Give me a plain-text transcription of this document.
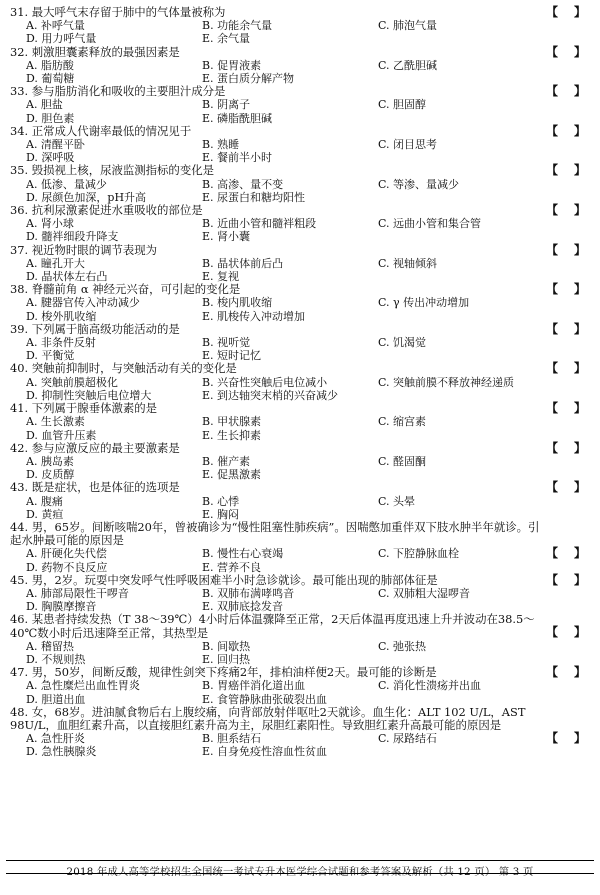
31. 最大呼气末存留于肺中的气体量被称为	【 】
A. 补呼气量	B. 功能余气量	C. 肺泡气量
D. 用力呼气量	E. 余气量
32. 刺激胆囊素释放的最强因素是	【 】
A. 脂肪酸	B. 促胃液素	C. 乙酰胆碱
D. 葡萄糖	E. 蛋白质分解产物
33. 参与脂肪消化和吸收的主要胆汁成分是	【 】
A. 胆盐	B. 阴离子	C. 胆固醇
D. 胆色素	E. 磷脂酰胆碱
34. 正常成人代谢率最低的情况见于	【 】
A. 清醒平卧	B. 熟睡	C. 闭目思考
D. 深呼吸	E. 餐前半小时
35. 毁损视上核，尿液监测指标的变化是	【 】
A. 低渗、量减少	B. 高渗、量不变	C. 等渗、量减少
D. 尿颜色加深，pH升高	E. 尿蛋白和糖均阳性
36. 抗利尿激素促进水重吸收的部位是	【 】
A. 肾小球	B. 近曲小管和髓袢粗段	C. 远曲小管和集合管
D. 髓袢细段升降支	E. 肾小囊
37. 视近物时眼的调节表现为	【 】
A. 瞳孔开大	B. 晶状体前后凸	C. 视轴倾斜
D. 晶状体左右凸	E. 复视
38. 脊髓前角 α 神经元兴奋，可引起的变化是	【 】
A. 腱器官传入冲动减少	B. 梭内肌收缩	C. γ 传出冲动增加
D. 梭外肌收缩	E. 肌梭传入冲动增加
39. 下列属于脑高级功能活动的是	【 】
A. 非条件反射	B. 视听觉	C. 饥渴觉
D. 平衡觉	E. 短时记忆
40. 突触前抑制时，与突触活动有关的变化是	【 】
A. 突触前膜超极化	B. 兴奋性突触后电位减小	C. 突触前膜不释放神经递质
D. 抑制性突触后电位增大	E. 到达轴突末梢的兴奋减少
41. 下列属于腺垂体激素的是	【 】
A. 生长激素	B. 甲状腺素	C. 缩宫素
D. 血管升压素	E. 生长抑素
42. 参与应激反应的最主要激素是	【 】
A. 胰岛素	B. 催产素	C. 醛固酮
D. 皮质醇	E. 促黑激素
43. 既是症状，也是体征的选项是	【 】
A. 腹痛	B. 心悸	C. 头晕
D. 黄疸	E. 胸闷
44. 男，65岁。间断咳喘20年，曾被确诊为“慢性阻塞性肺疾病”。因喘憋加重伴双下肢水肿半年就诊。引起水肿最可能的原因是
【 】
A. 肝硬化失代偿	B. 慢性右心衰竭	C. 下腔静脉血栓
D. 药物不良反应	E. 营养不良
45. 男，2岁。玩耍中突发呼气性呼吸困难半小时急诊就诊。最可能出现的肺部体征是	【 】
A. 肺部局限性干啰音	B. 双肺布满哮鸣音	C. 双肺粗大湿啰音
D. 胸膜摩擦音	E. 双肺底捻发音
46. 某患者持续发热（T 38～39℃）4小时后体温骤降至正常，2天后体温再度迅速上升并波动在38.5～40℃数小时后迅速降至正常，其热型是	【 】
A. 稽留热	B. 间歇热	C. 弛张热
D. 不规则热	E. 回归热
47. 男，50岁，间断反酸，规律性剑突下疼痛2年，排柏油样便2天。最可能的诊断是	【 】
A. 急性糜烂出血性胃炎	B. 胃癌伴消化道出血	C. 消化性溃疡并出血
D. 胆道出血	E. 食管静脉曲张破裂出血
48. 女，68岁。进油腻食物后右上腹绞痛，向背部放射伴呕吐2天就诊。血生化：ALT 102 U/L，AST 98U/L，血胆红素升高，以直接胆红素升高为主，尿胆红素阳性。导致胆红素升高最可能的原因是
【 】
A. 急性肝炎	B. 胆系结石	C. 尿路结石
D. 急性胰腺炎	E. 自身免疫性溶血性贫血
2018 年成人高等学校招生全国统一考试专升本医学综合试题和参考答案及解析（共 12 页） 第 3 页
